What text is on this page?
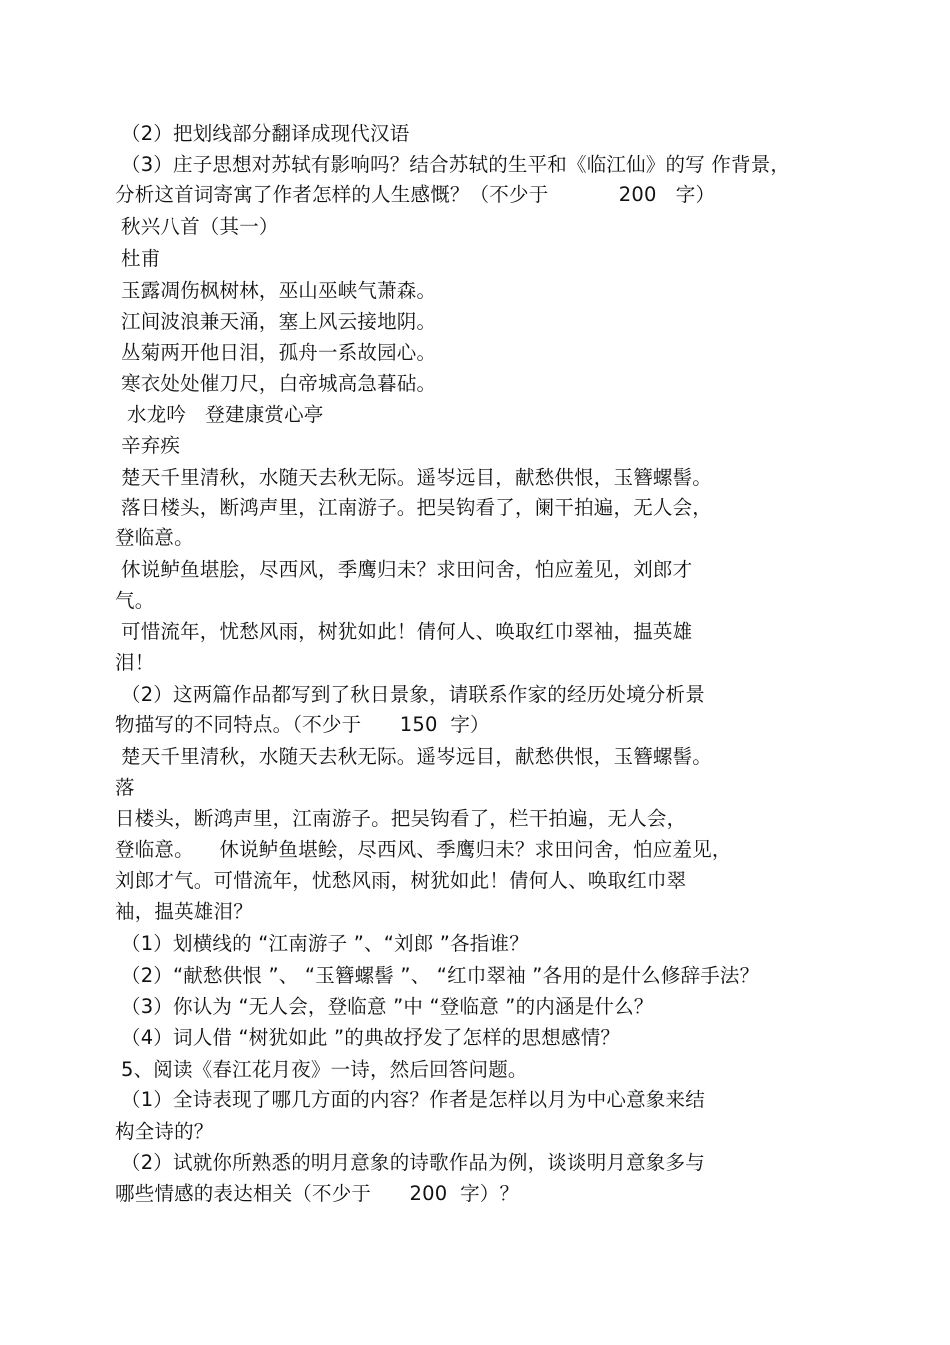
（2）把划线部分翻译成现代汉语
（3）庄子思想对苏轼有影响吗？结合苏轼的生平和《临江仙》的写 作背景，
分析这首词寄寓了作者怎样的人生感慨？（不少于           200   字）
秋兴八首（其一）
杜甫
玉露凋伤枫树林，巫山巫峡气萧森。
江间波浪兼天涌，塞上风云接地阴。
丛菊两开他日泪，孤舟一系故园心。
寒衣处处催刀尺，白帝城高急暮砧。
水龙吟   登建康赏心亭
辛弃疾
楚天千里清秋，水随天去秋无际。遥岑远目，献愁供恨，玉簪螺髻。
落日楼头，断鸿声里，江南游子。把吴钩看了，阑干拍遍，无人会，
登临意。
休说鲈鱼堪脍，尽西风，季鹰归未？求田问舍，怕应羞见，刘郎才
气。
可惜流年，忧愁风雨，树犹如此！倩何人、唤取红巾翠袖，揾英雄
泪！
（2）这两篇作品都写到了秋日景象，请联系作家的经历处境分析景
物描写的不同特点。（不少于      150  字）
楚天千里清秋，水随天去秋无际。遥岑远目，献愁供恨，玉簪螺髻。
落
日楼头，断鸿声里，江南游子。把吴钩看了，栏干拍遍，无人会，
登临意。    休说鲈鱼堪鲙，尽西风、季鹰归未？求田问舍，怕应羞见，
刘郎才气。可惜流年，忧愁风雨，树犹如此！倩何人、唤取红巾翠
袖，揾英雄泪？
（1）划横线的 “江南游子 ”、“刘郎 ”各指谁？
（2）“献愁供恨 ”、 “玉簪螺髻 ”、 “红巾翠袖 ”各用的是什么修辞手法？
（3）你认为 “无人会，登临意 ”中 “登临意 ”的内涵是什么？
（4）词人借 “树犹如此 ”的典故抒发了怎样的思想感情？
5、阅读《春江花月夜》一诗，然后回答问题。
（1）全诗表现了哪几方面的内容？作者是怎样以月为中心意象来结
构全诗的？
（2）试就你所熟悉的明月意象的诗歌作品为例，谈谈明月意象多与
哪些情感的表达相关（不少于      200  字）？
